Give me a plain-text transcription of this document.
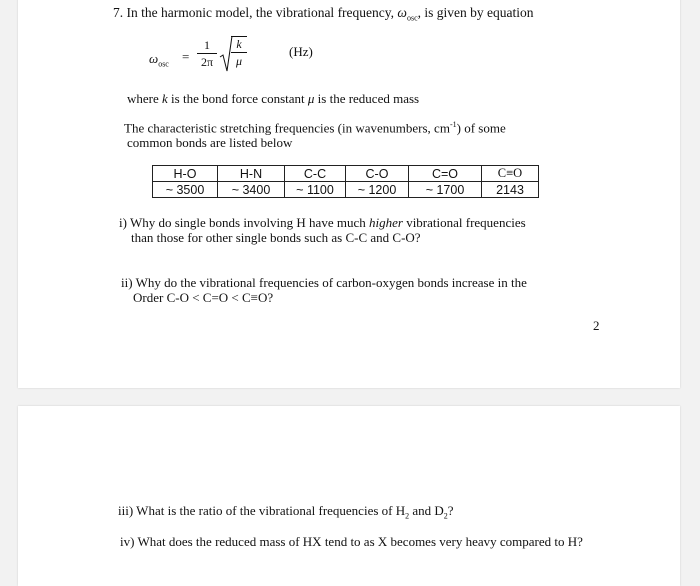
7. In the harmonic model, the vibrational frequency, $\omega_{osc}$, is given by equation
$\omega_{osc}$
= $\frac{1}{2\pi} \frac{k}{\mu}$	(Hz)
where k is the bond force constant μ is the reduced mass
The characteristic stretching frequencies (in wavenumbers, $cm^{-1}$) of some
common bonds are listed below
H-O	H-N	C-C	C-O	C=O	C≡O
~ 3500	~ 3400	~ 1100	~ 1200	~ 1700	2143
i) Why do single bonds involving H have much higher vibrational frequencies
than those for other single bonds such as C-C and C-O?
ii) Why do the vibrational frequencies of carbon-oxygen bonds increase in the
Order C-O < C=O < C≡O?
2
iii) What is the ratio of the vibrational frequencies of $H_2$ and $D_2$?
iv) What does the reduced mass of HX tend to as X becomes very heavy compared to H?
